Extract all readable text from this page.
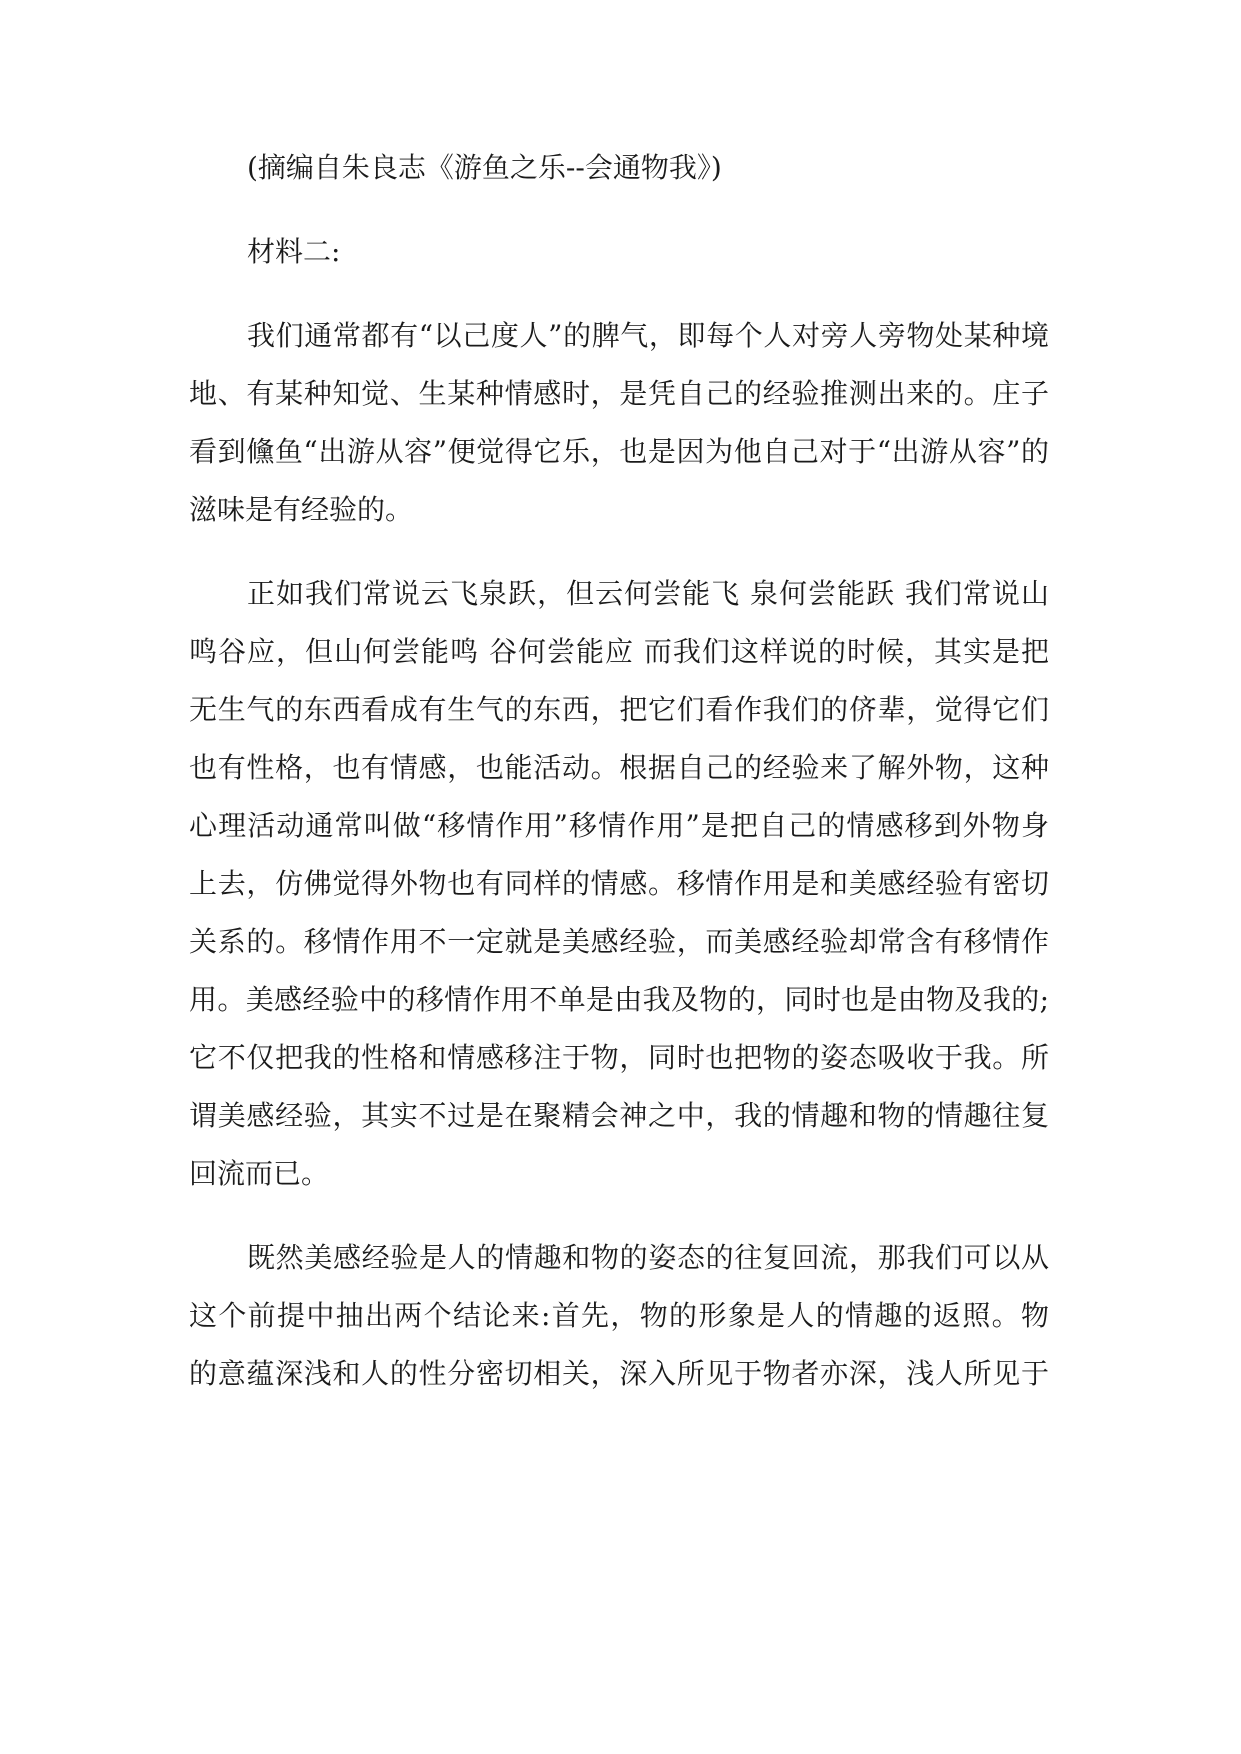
(摘编自朱良志《游鱼之乐--会通物我》)
材料二:
我们通常都有“以己度人”的脾气，即每个人对旁人旁物处某种境
地、有某种知觉、生某种情感时，是凭自己的经验推测出来的。庄子
看到儵鱼“出游从容”便觉得它乐，也是因为他自己对于“出游从容”的
滋味是有经验的。
正如我们常说云飞泉跃，但云何尝能飞 泉何尝能跃 我们常说山
鸣谷应，但山何尝能鸣 谷何尝能应 而我们这样说的时候，其实是把
无生气的东西看成有生气的东西，把它们看作我们的侪辈，觉得它们
也有性格，也有情感，也能活动。根据自己的经验来了解外物，这种
心理活动通常叫做“移情作用”移情作用”是把自己的情感移到外物身
上去，仿佛觉得外物也有同样的情感。移情作用是和美感经验有密切
关系的。移情作用不一定就是美感经验，而美感经验却常含有移情作
用。美感经验中的移情作用不单是由我及物的，同时也是由物及我的;
它不仅把我的性格和情感移注于物，同时也把物的姿态吸收于我。所
谓美感经验，其实不过是在聚精会神之中，我的情趣和物的情趣往复
回流而已。
既然美感经验是人的情趣和物的姿态的往复回流，那我们可以从
这个前提中抽出两个结论来:首先，物的形象是人的情趣的返照。物
的意蕴深浅和人的性分密切相关，深入所见于物者亦深，浅人所见于
